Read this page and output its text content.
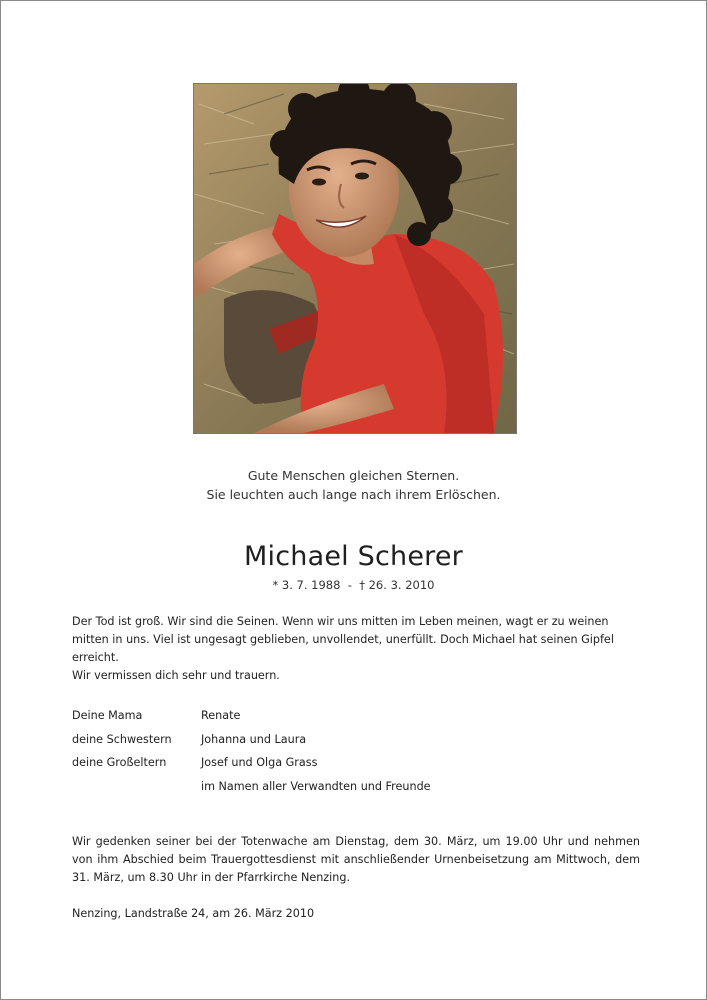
Gute Menschen gleichen Sternen.
Sie leuchten auch lange nach ihrem Erlöschen.
Michael Scherer
* 3. 7. 1988  -  † 26. 3. 2010
Der Tod ist groß. Wir sind die Seinen. Wenn wir uns mitten im Leben meinen, wagt er zu weinen mitten in uns. Viel ist ungesagt geblieben, unvollendet, unerfüllt. Doch Michael hat seinen Gipfel erreicht.
Wir vermissen dich sehr und trauern.
Deine Mama	Renate
deine Schwestern	Johanna und Laura
deine Großeltern	Josef und Olga Grass
im Namen aller Verwandten und Freunde
Wir gedenken seiner bei der Totenwache am Dienstag, dem 30. März, um 19.00 Uhr und nehmen von ihm Abschied beim Trauergottesdienst mit anschließender Urnenbeisetzung am Mittwoch, dem 31. März, um 8.30 Uhr in der Pfarrkirche Nenzing.
Nenzing, Landstraße 24, am 26. März 2010
